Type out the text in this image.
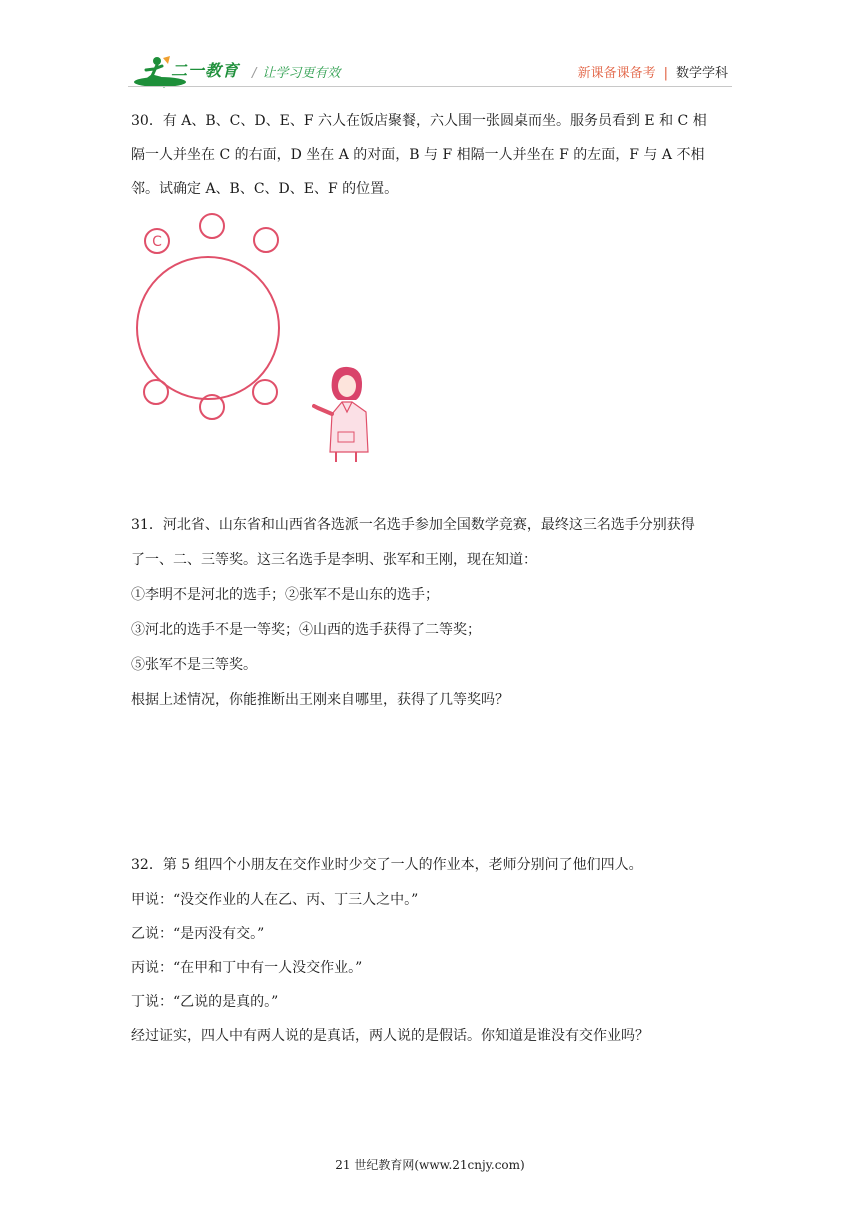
二一教育 / 让学习更有效	新课备课备考 | 数学学科

30．有 A、B、C、D、E、F 六人在饭店聚餐，六人围一张圆桌而坐。服务员看到 E 和 C 相

隔一人并坐在 C 的右面，D 坐在 A 的对面，B 与 F 相隔一人并坐在 F 的左面，F 与 A 不相

邻。试确定 A、B、C、D、E、F 的位置。

C

31．河北省、山东省和山西省各选派一名选手参加全国数学竞赛，最终这三名选手分别获得

了一、二、三等奖。这三名选手是李明、张军和王刚，现在知道：

①李明不是河北的选手；②张军不是山东的选手；

③河北的选手不是一等奖；④山西的选手获得了二等奖；

⑤张军不是三等奖。

根据上述情况，你能推断出王刚来自哪里，获得了几等奖吗？

32．第 5 组四个小朋友在交作业时少交了一人的作业本，老师分别问了他们四人。

甲说：“没交作业的人在乙、丙、丁三人之中。”

乙说：“是丙没有交。”

丙说：“在甲和丁中有一人没交作业。”

丁说：“乙说的是真的。”

经过证实，四人中有两人说的是真话，两人说的是假话。你知道是谁没有交作业吗？

21 世纪教育网(www.21cnjy.com)
